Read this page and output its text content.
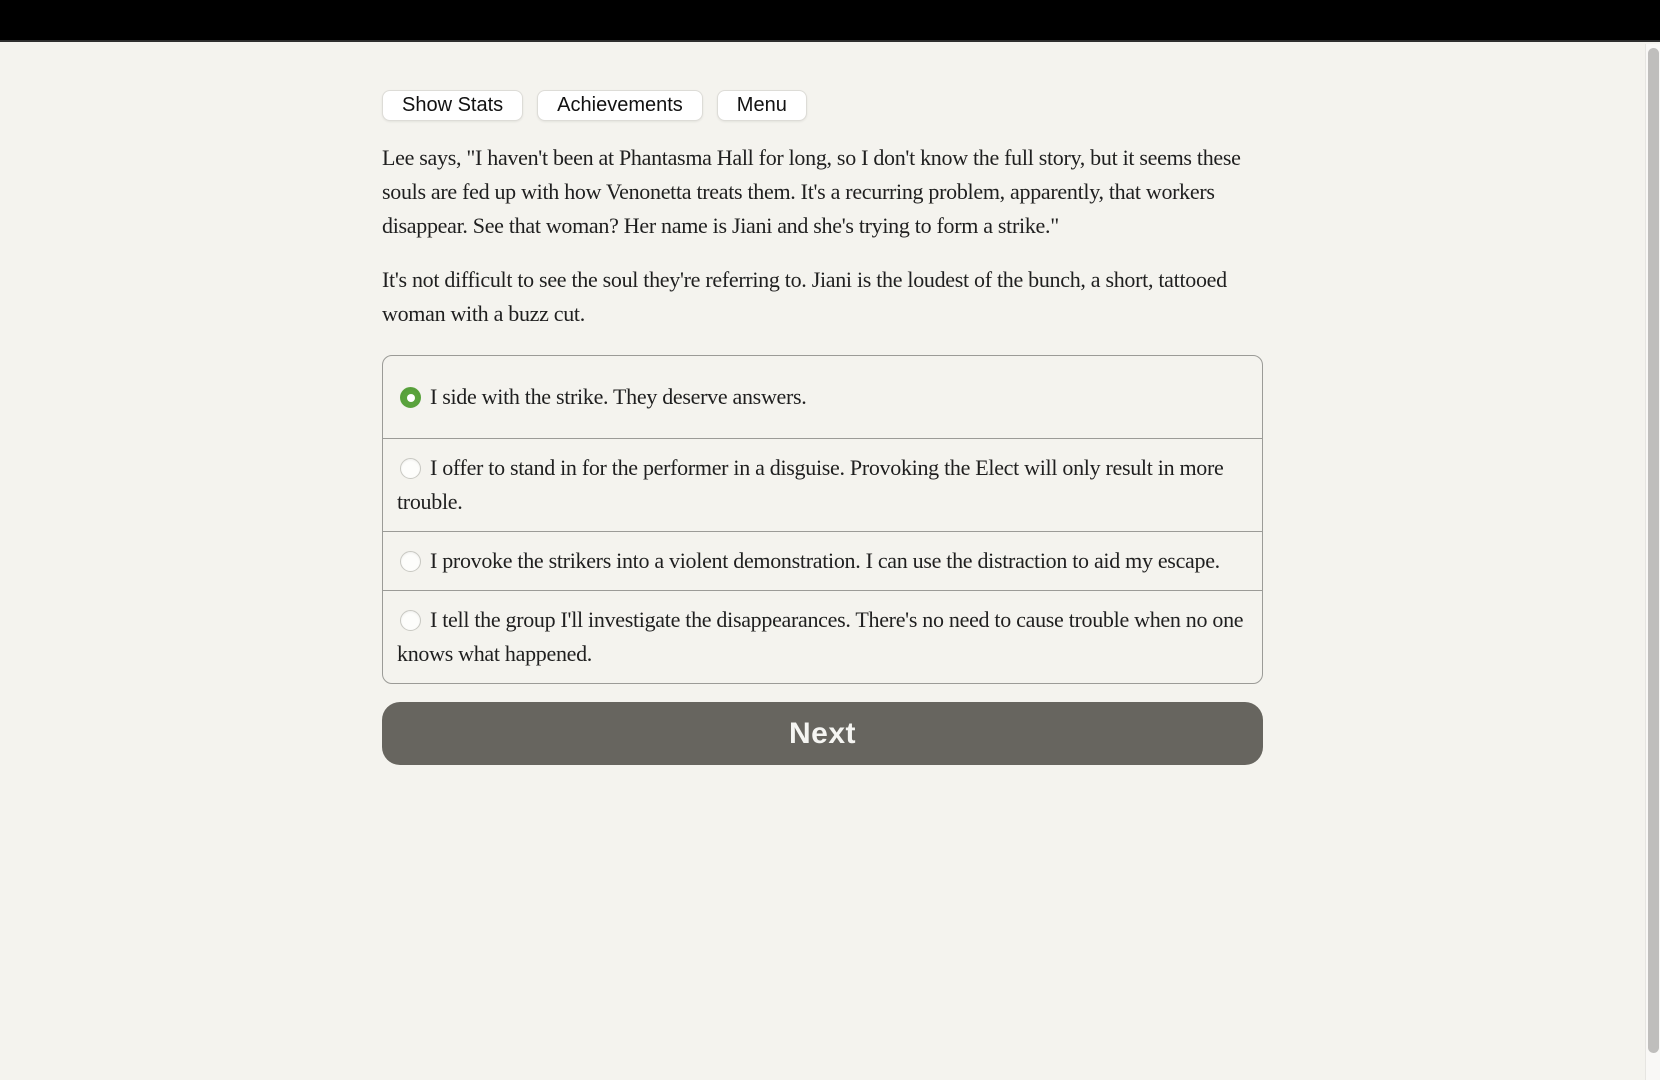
Show Stats	Achievements	Menu

Lee says, "I haven't been at Phantasma Hall for long, so I don't know the full story, but it seems these souls are fed up with how Venonetta treats them. It's a recurring problem, apparently, that workers disappear. See that woman? Her name is Jiani and she's trying to form a strike."

It's not difficult to see the soul they're referring to. Jiani is the loudest of the bunch, a short, tattooed woman with a buzz cut.

I side with the strike. They deserve answers.
I offer to stand in for the performer in a disguise. Provoking the Elect will only result in more trouble.
I provoke the strikers into a violent demonstration. I can use the distraction to aid my escape.
I tell the group I'll investigate the disappearances. There's no need to cause trouble when no one knows what happened.
Next
